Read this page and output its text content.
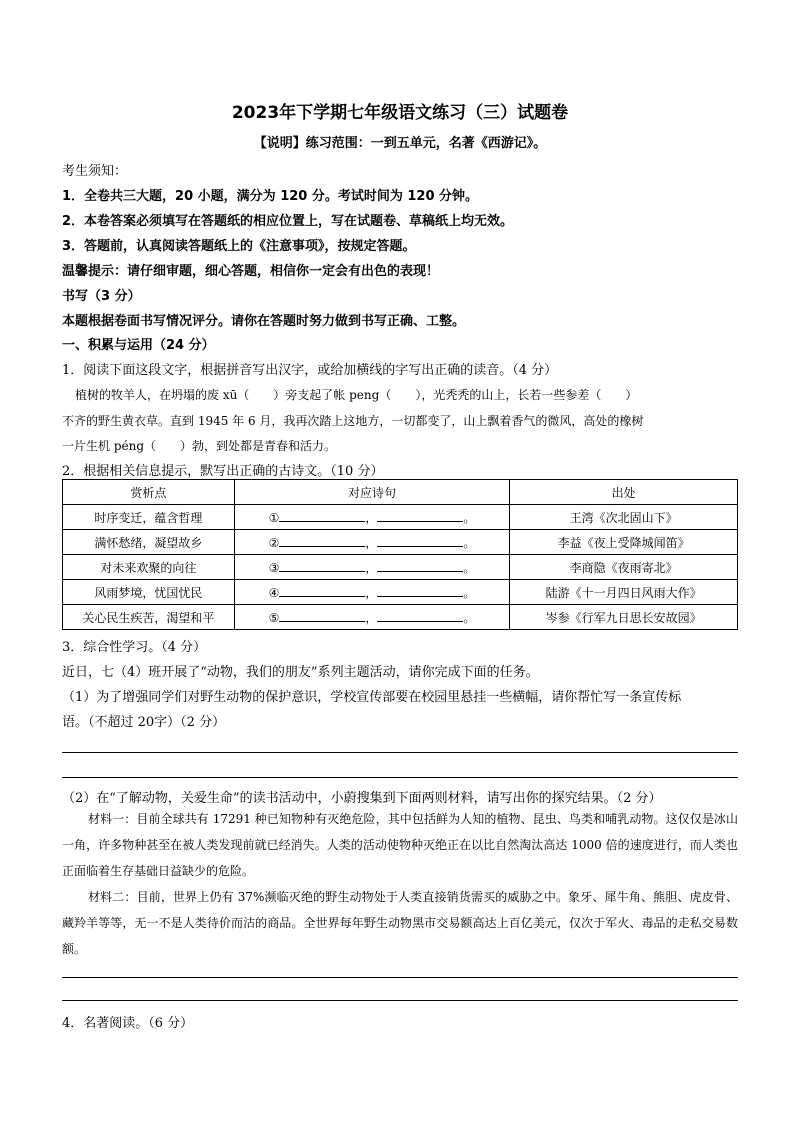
2023年下学期七年级语文练习（三）试题卷
【说明】练习范围：一到五单元，名著《西游记》。
考生须知：
1．全卷共三大题，20 小题，满分为 120 分。考试时间为 120 分钟。
2．本卷答案必须填写在答题纸的相应位置上，写在试题卷、草稿纸上均无效。
3．答题前，认真阅读答题纸上的《注意事项》，按规定答题。
温馨提示：请仔细审题，细心答题，相信你一定会有出色的表现！
书写（3 分）
本题根据卷面书写情况评分。请你在答题时努力做到书写正确、工整。
一、积累与运用（24 分）
1．阅读下面这段文字，根据拼音写出汉字，或给加横线的字写出正确的读音。（4 分）
植树的牧羊人，在坍塌的废 xū（　　）旁支起了帐 peng（　　），光秃秃的山上，长若一些参差（　　）
不齐的野生黄衣草。直到 1945 年 6 月，我再次踏上这地方，一切都变了，山上飘着香气的微风，高处的橡树
一片生机 péng（　　）勃，到处都是青春和活力。
2．根据相关信息提示，默写出正确的古诗文。（10 分）
赏析点	对应诗句	出处
时序变迁，蕴含哲理	① ， 。	王湾《次北固山下》
满怀愁绪，凝望故乡	② ， 。	李益《夜上受降城闻笛》
对未来欢聚的向往	③ ， 。	李商隐《夜雨寄北》
风雨梦境，忧国忧民	④ ， 。	陆游《十一月四日风雨大作》
关心民生疾苦，渴望和平	⑤ ， 。	岑参《行军九日思长安故园》
3．综合性学习。（4 分）
近日，七（4）班开展了“动物，我们的朋友”系列主题活动，请你完成下面的任务。
（1）为了增强同学们对野生动物的保护意识，学校宣传部要在校园里悬挂一些横幅，请你帮忙写一条宣传标
语。（不超过 20字）（2 分）
（2）在“了解动物，关爱生命”的读书活动中，小蔚搜集到下面两则材料，请写出你的探究结果。（2 分）
材料一：目前全球共有 17291 种已知物种有灭绝危险，其中包括鲜为人知的植物、昆虫、鸟类和哺乳动物。这仅仅是冰山一角，许多物种甚至在被人类发现前就已经消失。人类的活动使物种灭绝正在以比自然淘汰高达 1000 倍的速度进行，而人类也正面临着生存基础日益缺少的危险。
材料二：目前，世界上仍有 37%濒临灭绝的野生动物处于人类直接销货需买的威胁之中。象牙、犀牛角、熊胆、虎皮骨、藏羚羊等等，无一不是人类待价而沽的商品。全世界每年野生动物黑市交易额高达上百亿美元，仅次于军火、毒品的走私交易数额。
4．名著阅读。（6 分）
